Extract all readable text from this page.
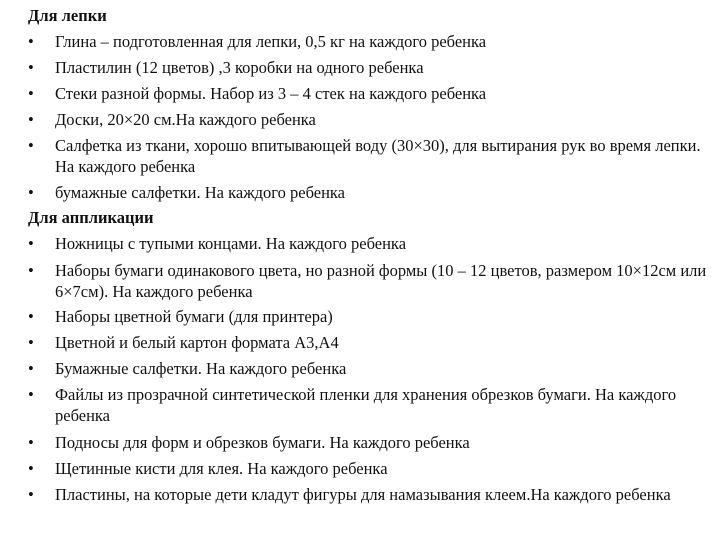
Для лепки
• Глина – подготовленная для лепки, 0,5 кг на каждого ребенка
• Пластилин (12 цветов) ,3 коробки на одного ребенка
• Стеки разной формы. Набор из 3 – 4 стек на каждого ребенка
• Доски, 20×20 см.На каждого ребенка
• Салфетка из ткани, хорошо впитывающей воду (30×30), для вытирания рук во время лепки. На каждого ребенка
• бумажные салфетки. На каждого ребенка
Для аппликации
• Ножницы с тупыми концами. На каждого ребенка
• Наборы бумаги одинакового цвета, но разной формы (10 – 12 цветов, размером 10×12см или 6×7см). На каждого ребенка
• Наборы цветной бумаги (для принтера)
• Цветной и белый картон формата А3,А4
• Бумажные салфетки. На каждого ребенка
• Файлы из прозрачной синтетической пленки для хранения обрезков бумаги. На каждого ребенка
• Подносы для форм и обрезков бумаги. На каждого ребенка
• Щетинные кисти для клея. На каждого ребенка
• Пластины, на которые дети кладут фигуры для намазывания клеем.На каждого ребенка
